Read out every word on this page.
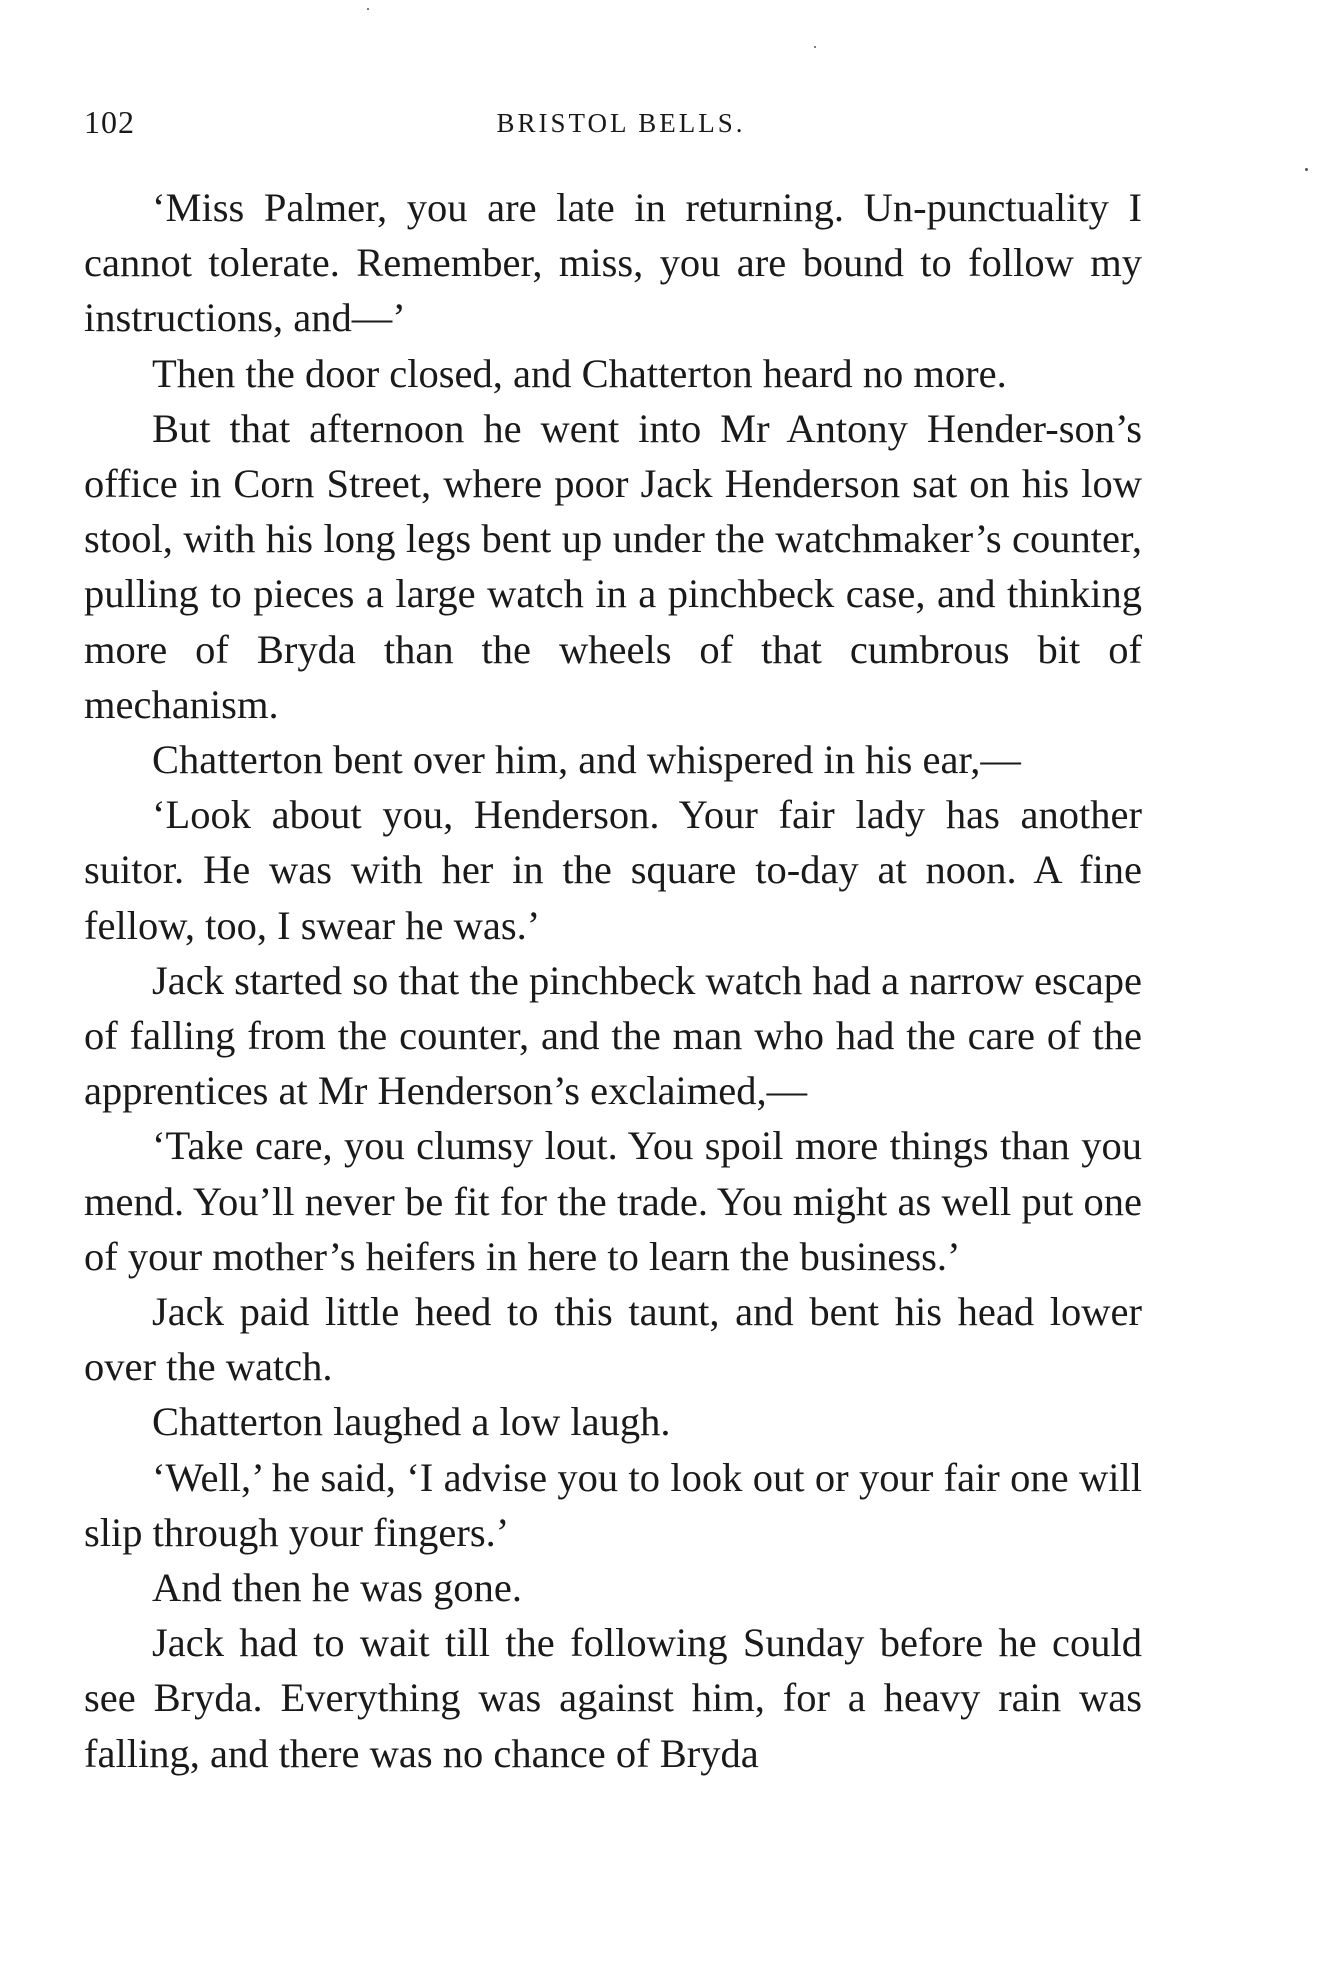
102	BRISTOL BELLS.

‘Miss Palmer, you are late in returning. Un-punctuality I cannot tolerate. Remember, miss, you are bound to follow my instructions, and—’

Then the door closed, and Chatterton heard no more.

But that afternoon he went into Mr Antony Hender-son’s office in Corn Street, where poor Jack Henderson sat on his low stool, with his long legs bent up under the watchmaker’s counter, pulling to pieces a large watch in a pinchbeck case, and thinking more of Bryda than the wheels of that cumbrous bit of mechanism.

Chatterton bent over him, and whispered in his ear,—

‘Look about you, Henderson. Your fair lady has another suitor. He was with her in the square to-day at noon. A fine fellow, too, I swear he was.’

Jack started so that the pinchbeck watch had a narrow escape of falling from the counter, and the man who had the care of the apprentices at Mr Henderson’s exclaimed,—

‘Take care, you clumsy lout. You spoil more things than you mend. You’ll never be fit for the trade. You might as well put one of your mother’s heifers in here to learn the business.’

Jack paid little heed to this taunt, and bent his head lower over the watch.

Chatterton laughed a low laugh.

‘Well,’ he said, ‘I advise you to look out or your fair one will slip through your fingers.’

And then he was gone.

Jack had to wait till the following Sunday before he could see Bryda. Everything was against him, for a heavy rain was falling, and there was no chance of Bryda
